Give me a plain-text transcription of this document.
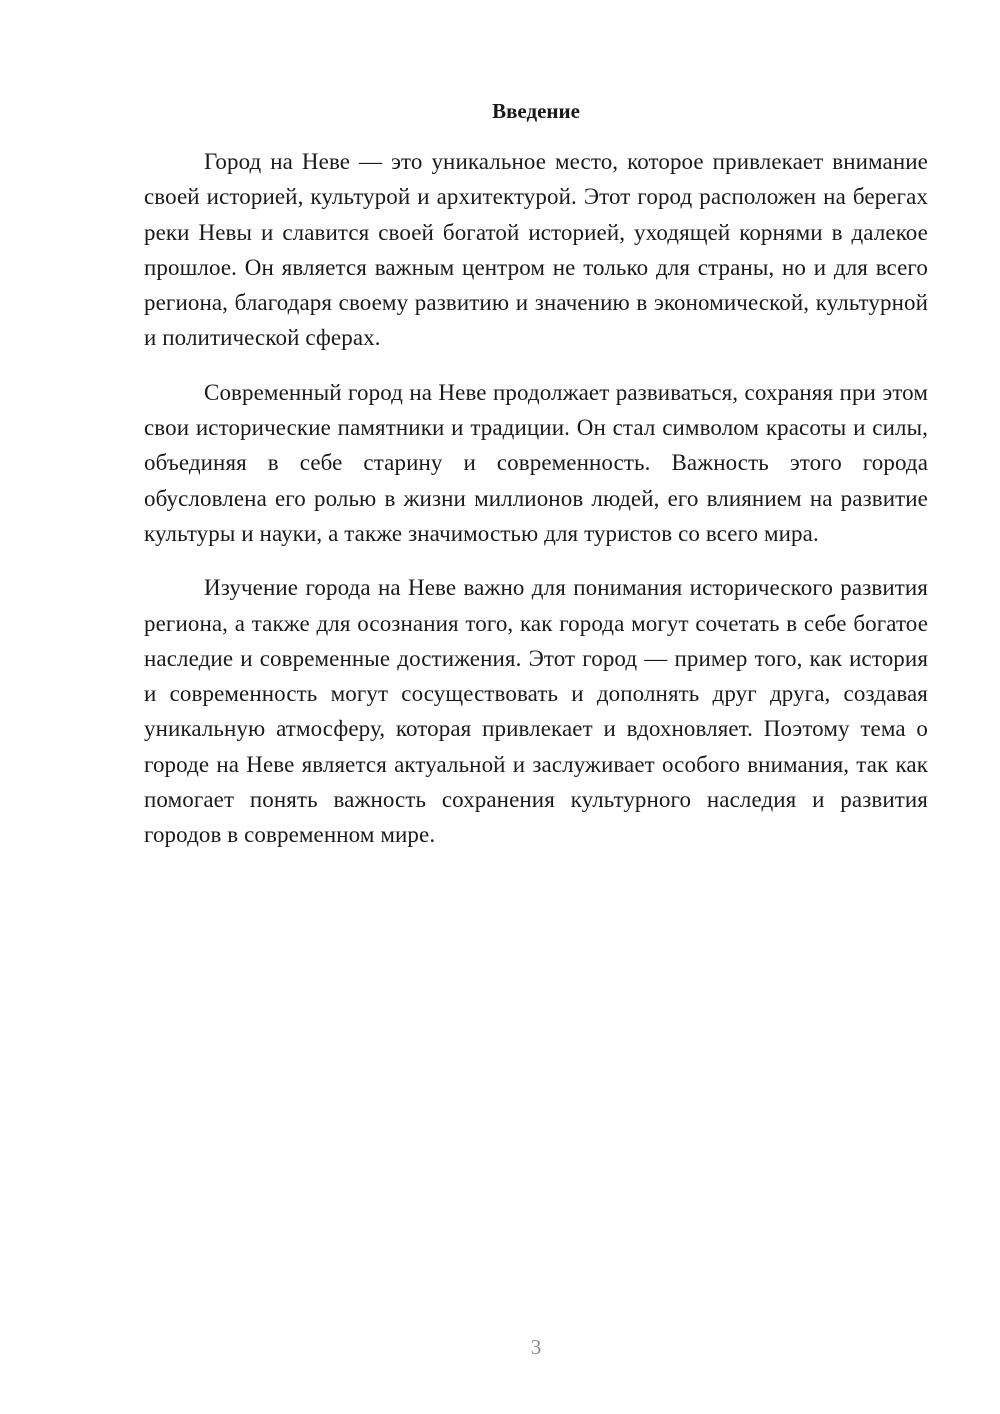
Введение

Город на Неве — это уникальное место, которое привлекает внимание своей историей, культурой и архитектурой. Этот город расположен на берегах реки Невы и славится своей богатой историей, уходящей корнями в далекое прошлое. Он является важным центром не только для страны, но и для всего региона, благодаря своему развитию и значению в экономической, культурной и политической сферах.

Современный город на Неве продолжает развиваться, сохраняя при этом свои исторические памятники и традиции. Он стал символом красоты и силы, объединяя в себе старину и современность. Важность этого города обусловлена его ролью в жизни миллионов людей, его влиянием на развитие культуры и науки, а также значимостью для туристов со всего мира.

Изучение города на Неве важно для понимания исторического развития региона, а также для осознания того, как города могут сочетать в себе богатое наследие и современные достижения. Этот город — пример того, как история и современность могут сосуществовать и дополнять друг друга, создавая уникальную атмосферу, которая привлекает и вдохновляет. Поэтому тема о городе на Неве является актуальной и заслуживает особого внимания, так как помогает понять важность сохранения культурного наследия и развития городов в современном мире.

3
